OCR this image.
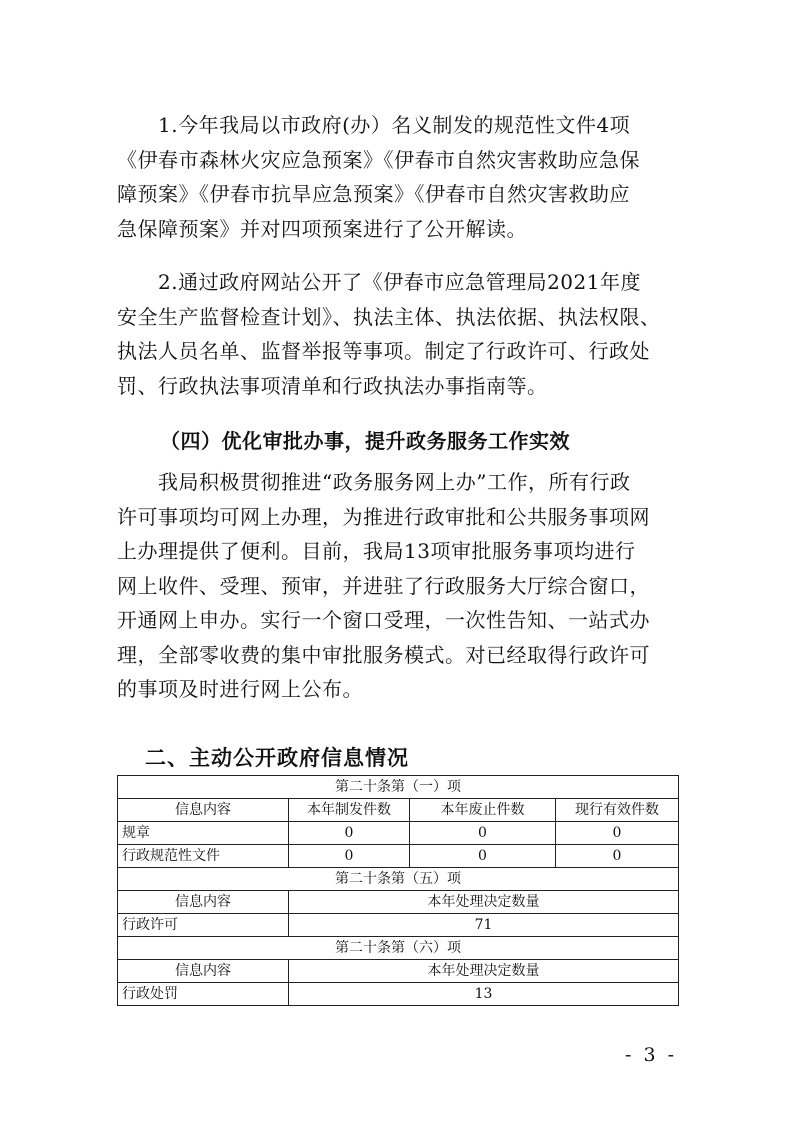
　　1.今年我局以市政府(办）名义制发的规范性文件4项
《伊春市森林火灾应急预案》《伊春市自然灾害救助应急保
障预案》《伊春市抗旱应急预案》《伊春市自然灾害救助应
急保障预案》并对四项预案进行了公开解读。
　　2.通过政府网站公开了《伊春市应急管理局2021年度
安全生产监督检查计划》、执法主体、执法依据、执法权限、
执法人员名单、监督举报等事项。制定了行政许可、行政处
罚、行政执法事项清单和行政执法办事指南等。
（四）优化审批办事，提升政务服务工作实效
　　我局积极贯彻推进“政务服务网上办”工作，所有行政
许可事项均可网上办理，为推进行政审批和公共服务事项网
上办理提供了便利。目前，我局13项审批服务事项均进行
网上收件、受理、预审，并进驻了行政服务大厅综合窗口，
开通网上申办。实行一个窗口受理，一次性告知、一站式办
理，全部零收费的集中审批服务模式。对已经取得行政许可
的事项及时进行网上公布。
二、主动公开政府信息情况
第二十条第（一）项			
信息内容	本年制发件数	本年废止件数	现行有效件数
规章	0	0	0
行政规范性文件	0	0	0
第二十条第（五）项			
信息内容	本年处理决定数量		
行政许可	71		
第二十条第（六）项			
信息内容	本年处理决定数量		
行政处罚	13		
- 3 -
